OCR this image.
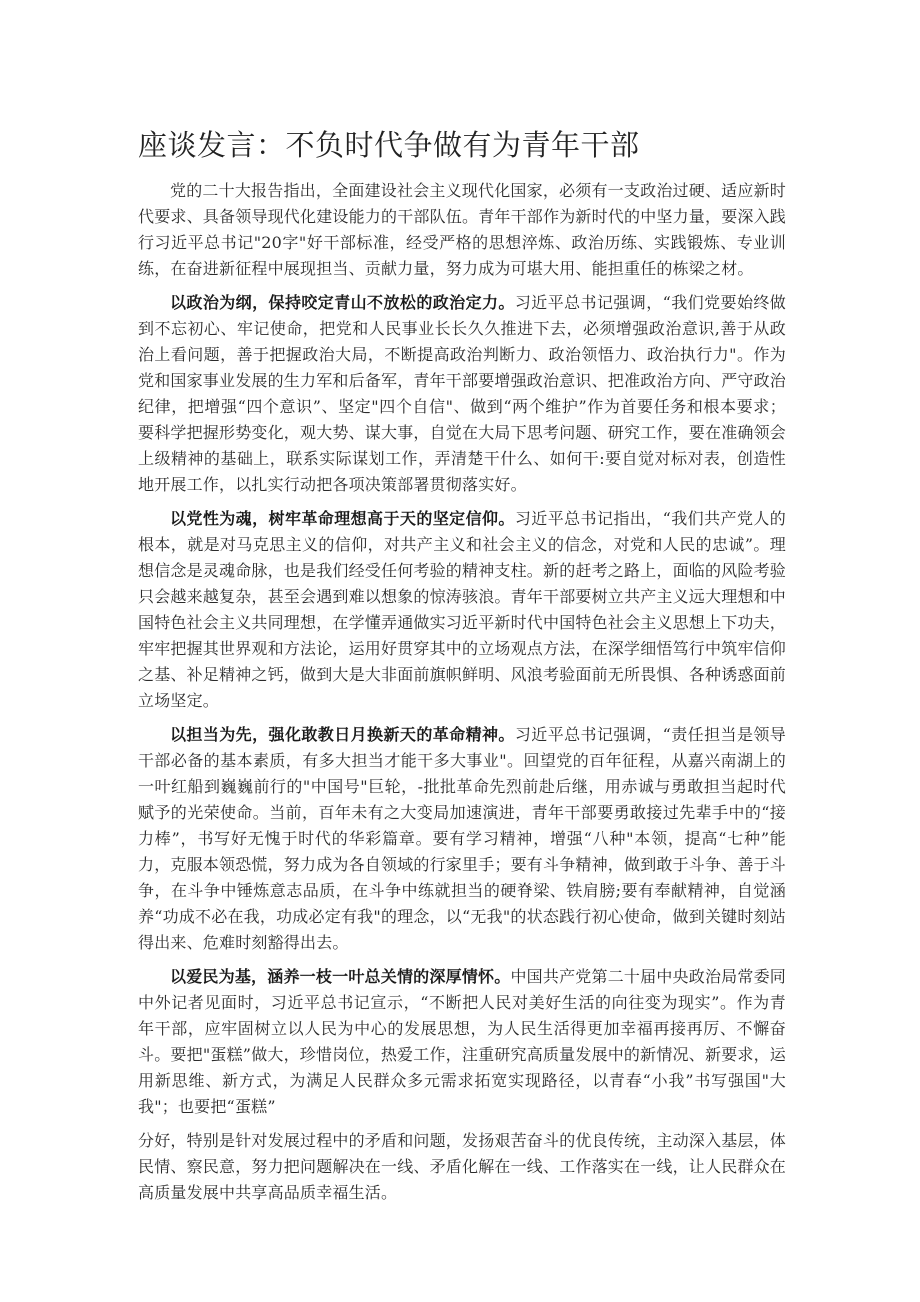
座谈发言：不负时代争做有为青年干部

党的二十大报告指出，全面建设社会主义现代化国家，必须有一支政治过硬、适应新时代要求、具备领导现代化建设能力的干部队伍。青年干部作为新时代的中坚力量，要深入践行习近平总书记"20字"好干部标准，经受严格的思想淬炼、政治历练、实践锻炼、专业训练，在奋进新征程中展现担当、贡献力量，努力成为可堪大用、能担重任的栋梁之材。

以政治为纲，保持咬定青山不放松的政治定力。习近平总书记强调，“我们党要始终做到不忘初心、牢记使命，把党和人民事业长长久久推进下去，必须增强政治意识,善于从政治上看问题，善于把握政治大局，不断提高政治判断力、政治领悟力、政治执行力"。作为党和国家事业发展的生力军和后备军，青年干部要增强政治意识、把准政治方向、严守政治纪律，把增强“四个意识”、坚定"四个自信"、做到“两个维护”作为首要任务和根本要求；要科学把握形势变化，观大势、谋大事，自觉在大局下思考问题、研究工作，要在准确领会上级精神的基础上，联系实际谋划工作，弄清楚干什么、如何干:要自觉对标对表，创造性地开展工作，以扎实行动把各项决策部署贯彻落实好。

以党性为魂，树牢革命理想高于天的坚定信仰。习近平总书记指出，“我们共产党人的根本，就是对马克思主义的信仰，对共产主义和社会主义的信念，对党和人民的忠诚”。理想信念是灵魂命脉，也是我们经受任何考验的精神支柱。新的赶考之路上，面临的风险考验只会越来越复杂，甚至会遇到难以想象的惊涛骇浪。青年干部要树立共产主义远大理想和中国特色社会主义共同理想，在学懂弄通做实习近平新时代中国特色社会主义思想上下功夫，牢牢把握其世界观和方法论，运用好贯穿其中的立场观点方法，在深学细悟笃行中筑牢信仰之基、补足精神之钙，做到大是大非面前旗帜鲜明、风浪考验面前无所畏惧、各种诱惑面前立场坚定。

以担当为先，强化敢教日月换新天的革命精神。习近平总书记强调，“责任担当是领导干部必备的基本素质，有多大担当才能干多大事业"。回望党的百年征程，从嘉兴南湖上的一叶红船到巍巍前行的"中国号"巨轮，-批批革命先烈前赴后继，用赤诚与勇敢担当起时代赋予的光荣使命。当前，百年未有之大变局加速演进，青年干部要勇敢接过先辈手中的“接力棒”，书写好无愧于时代的华彩篇章。要有学习精神，增强“八种"本领，提高“七种”能力，克服本领恐慌，努力成为各自领域的行家里手；要有斗争精神，做到敢于斗争、善于斗争，在斗争中锤炼意志品质，在斗争中练就担当的硬脊梁、铁肩膀;要有奉献精神，自觉涵养“功成不必在我，功成必定有我"的理念，以“无我"的状态践行初心使命，做到关键时刻站得出来、危难时刻豁得出去。

以爱民为基，涵养一枝一叶总关情的深厚情怀。中国共产党第二十届中央政治局常委同中外记者见面时，习近平总书记宣示，“不断把人民对美好生活的向往变为现实”。作为青年干部，应牢固树立以人民为中心的发展思想，为人民生活得更加幸福再接再厉、不懈奋斗。要把"蛋糕”做大，珍惜岗位，热爱工作，注重研究高质量发展中的新情况、新要求，运用新思维、新方式，为满足人民群众多元需求拓宽实现路径，以青春“小我”书写强国"大我"；也要把“蛋糕”

分好，特别是针对发展过程中的矛盾和问题，发扬艰苦奋斗的优良传统，主动深入基层，体民情、察民意，努力把问题解决在一线、矛盾化解在一线、工作落实在一线，让人民群众在高质量发展中共享高品质幸福生活。
